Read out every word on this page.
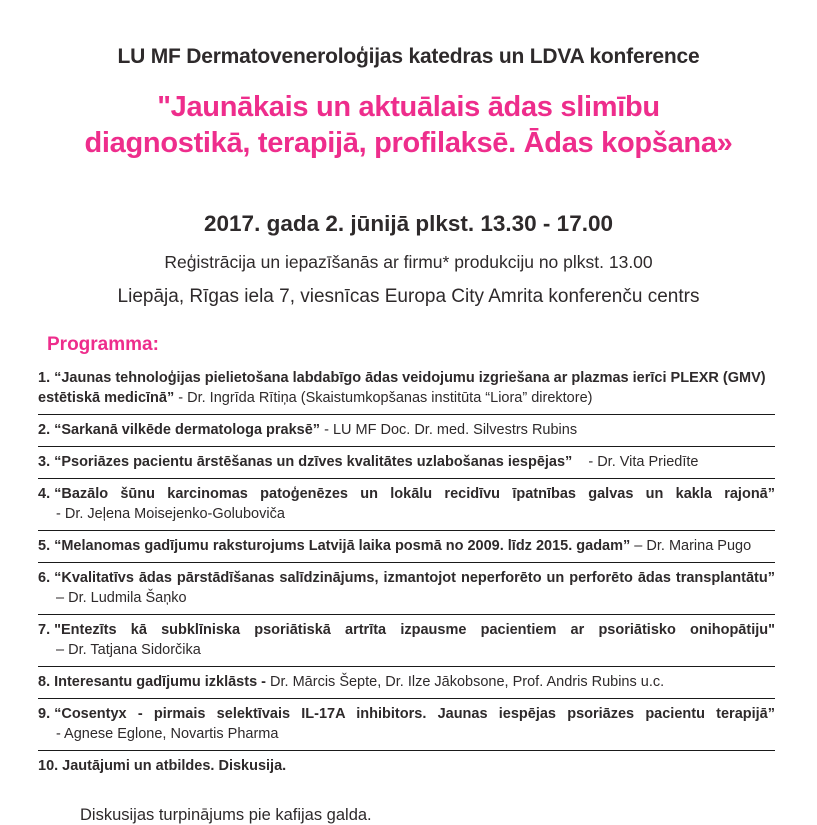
LU MF Dermatoveneroloģijas katedras un LDVA konference
"Jaunākais un aktuālais ādas slimību
diagnostikā, terapijā, profilaksē. Ādas kopšana»
2017. gada 2. jūnijā plkst. 13.30 - 17.00
Reģistrācija un iepazīšanās ar firmu* produkciju no plkst. 13.00
Liepāja, Rīgas iela 7, viesnīcas Europa City Amrita konferenču centrs
Programma:
1. “Jaunas tehnoloģijas pielietošana labdabīgo ādas veidojumu izgriešana ar plazmas ierīci PLEXR (GMV) estētiskā medicīnā” - Dr. Ingrīda Rītiņa (Skaistumkopšanas institūta “Liora” direktore)
2. “Sarkanā vilkēde dermatologa praksē” - LU MF Doc. Dr. med. Silvestrs Rubins
3. “Psoriāzes pacientu ārstēšanas un dzīves kvalitātes uzlabošanas iespējas” - Dr. Vita Priedīte
4. “Bazālo šūnu karcinomas patoģenēzes un lokālu recidīvu īpatnības galvas un kakla rajonā”
- Dr. Jeļena Moisejenko-Goluboviča
5. “Melanomas gadījumu raksturojums Latvijā laika posmā no 2009. līdz 2015. gadam” – Dr. Marina Pugo
6. “Kvalitatīvs ādas pārstādīšanas salīdzinājums, izmantojot neperforēto un perforēto ādas transplantātu” – Dr. Ludmila Šaņko
7. "Entezīts kā subklīniska psoriātiskā artrīta izpausme pacientiem ar psoriātisko onihopātiju"
– Dr. Tatjana Sidorčika
8. Interesantu gadījumu izklāsts - Dr. Mārcis Šepte, Dr. Ilze Jākobsone, Prof. Andris Rubins u.c.
9. “Cosentyx - pirmais selektīvais IL-17A inhibitors. Jaunas iespējas psoriāzes pacientu terapijā”
- Agnese Eglone, Novartis Pharma
10. Jautājumi un atbildes. Diskusija.
Diskusijas turpinājums pie kafijas galda.
